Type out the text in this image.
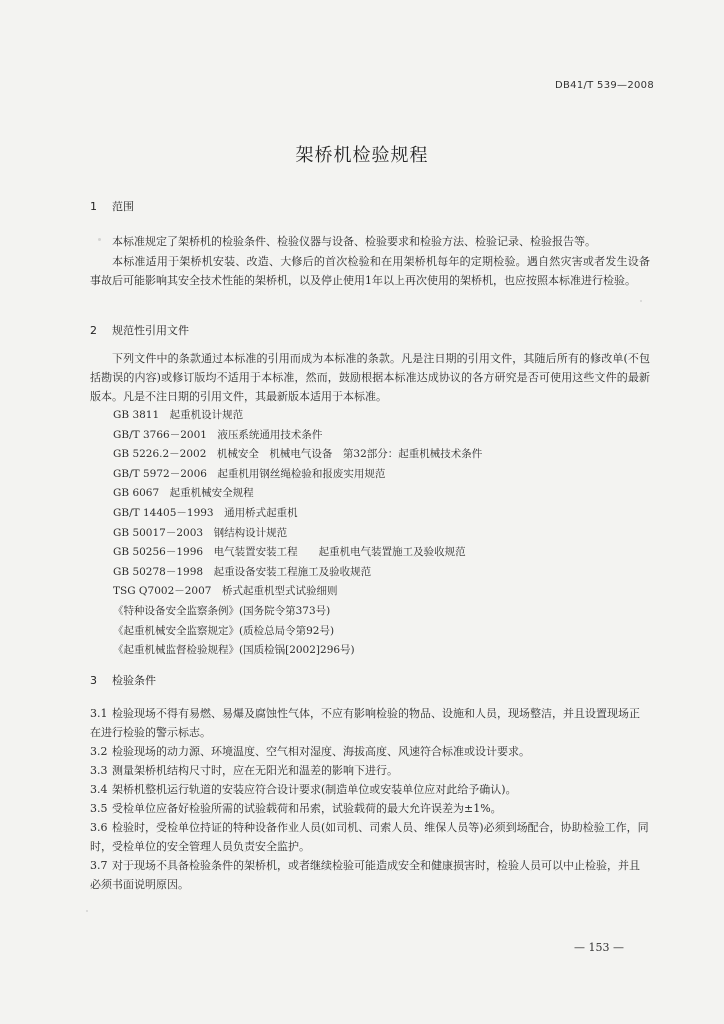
DB41/T 539—2008
架桥机检验规程
1 范围
本标准规定了架桥机的检验条件、检验仪器与设备、检验要求和检验方法、检验记录、检验报告等。
本标准适用于架桥机安装、改造、大修后的首次检验和在用架桥机每年的定期检验。遇自然灾害或者发生设备事故后可能影响其安全技术性能的架桥机，以及停止使用1年以上再次使用的架桥机，也应按照本标准进行检验。
2 规范性引用文件
下列文件中的条款通过本标准的引用而成为本标准的条款。凡是注日期的引用文件，其随后所有的修改单(不包括勘误的内容)或修订版均不适用于本标准，然而，鼓励根据本标准达成协议的各方研究是否可使用这些文件的最新版本。凡是不注日期的引用文件，其最新版本适用于本标准。
GB 3811　起重机设计规范
GB/T 3766－2001　液压系统通用技术条件
GB 5226.2－2002　机械安全　机械电气设备　第32部分：起重机械技术条件
GB/T 5972－2006　起重机用钢丝绳检验和报废实用规范
GB 6067　起重机械安全规程
GB/T 14405－1993　通用桥式起重机
GB 50017－2003　钢结构设计规范
GB 50256－1996　电气装置安装工程　　起重机电气装置施工及验收规范
GB 50278－1998　起重设备安装工程施工及验收规范
TSG Q7002－2007　桥式起重机型式试验细则
《特种设备安全监察条例》(国务院令第373号)
《起重机械安全监察规定》(质检总局令第92号)
《起重机械监督检验规程》(国质检锅[2002]296号)
3 检验条件
3.1 检验现场不得有易燃、易爆及腐蚀性气体，不应有影响检验的物品、设施和人员，现场整洁，并且设置现场正在进行检验的警示标志。
3.2 检验现场的动力源、环境温度、空气相对湿度、海拔高度、风速符合标准或设计要求。
3.3 测量架桥机结构尺寸时，应在无阳光和温差的影响下进行。
3.4 架桥机整机运行轨道的安装应符合设计要求(制造单位或安装单位应对此给予确认)。
3.5 受检单位应备好检验所需的试验载荷和吊索，试验载荷的最大允许误差为±1%。
3.6 检验时，受检单位持证的特种设备作业人员(如司机、司索人员、维保人员等)必须到场配合，协助检验工作，同时，受检单位的安全管理人员负责安全监护。
3.7 对于现场不具备检验条件的架桥机，或者继续检验可能造成安全和健康损害时，检验人员可以中止检验，并且必须书面说明原因。
— 153 —
